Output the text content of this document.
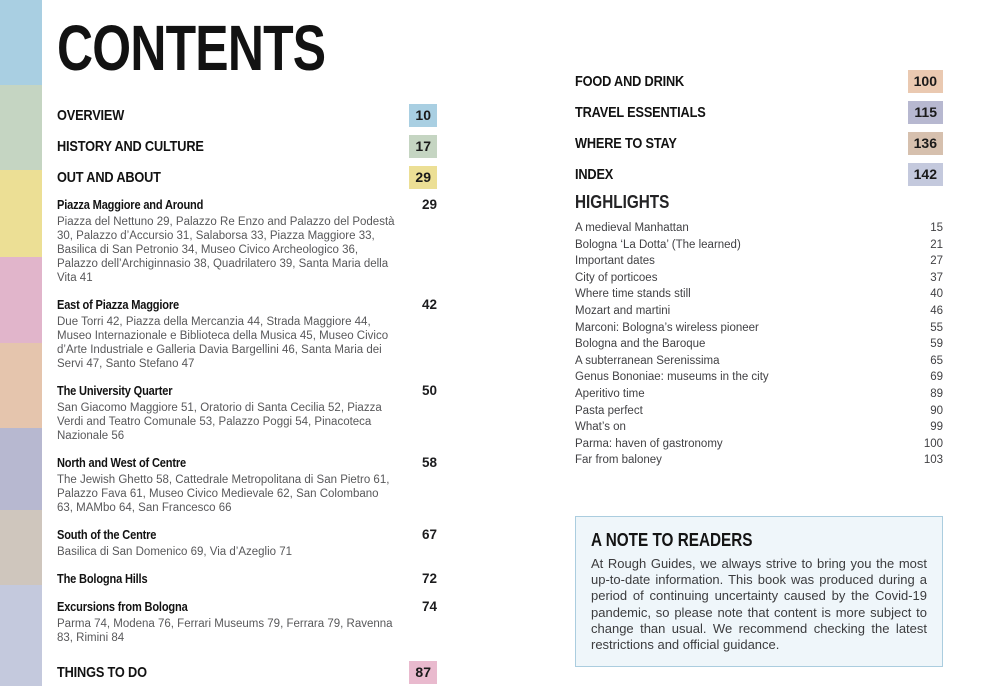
CONTENTS
OVERVIEW	10
HISTORY AND CULTURE	17
OUT AND ABOUT	29
Piazza Maggiore and Around	29
Piazza del Nettuno 29, Palazzo Re Enzo and Palazzo del Podestà 30, Palazzo d’Accursio 31, Salaborsa 33, Piazza Maggiore 33, Basilica di San Petronio 34, Museo Civico Archeologico 36, Palazzo dell’Archiginnasio 38, Quadrilatero 39, Santa Maria della Vita 41
East of Piazza Maggiore	42
Due Torri 42, Piazza della Mercanzia 44, Strada Maggiore 44, Museo Internazionale e Biblioteca della Musica 45, Museo Civico d’Arte Industriale e Galleria Davia Bargellini 46, Santa Maria dei Servi 47, Santo Stefano 47
The University Quarter	50
San Giacomo Maggiore 51, Oratorio di Santa Cecilia 52, Piazza Verdi and Teatro Comunale 53, Palazzo Poggi 54, Pinacoteca Nazionale 56
North and West of Centre	58
The Jewish Ghetto 58, Cattedrale Metropolitana di San Pietro 61, Palazzo Fava 61, Museo Civico Medievale 62, San Colombano 63, MAMbo 64, San Francesco 66
South of the Centre	67
Basilica di San Domenico 69, Via d’Azeglio 71
The Bologna Hills	72
Excursions from Bologna	74
Parma 74, Modena 76, Ferrari Museums 79, Ferrara 79, Ravenna 83, Rimini 84
THINGS TO DO	87
FOOD AND DRINK	100
TRAVEL ESSENTIALS	115
WHERE TO STAY	136
INDEX	142
HIGHLIGHTS
A medieval Manhattan	15
Bologna ‘La Dotta’ (The learned)	21
Important dates	27
City of porticoes	37
Where time stands still	40
Mozart and martini	46
Marconi: Bologna’s wireless pioneer	55
Bologna and the Baroque	59
A subterranean Serenissima	65
Genus Bononiae: museums in the city	69
Aperitivo time	89
Pasta perfect	90
What’s on	99
Parma: haven of gastronomy	100
Far from baloney	103
A NOTE TO READERS
At Rough Guides, we always strive to bring you the most up-to-date information. This book was produced during a period of continuing uncertainty caused by the Covid-19 pandemic, so please note that content is more subject to change than usual. We recommend checking the latest restrictions and official guidance.
